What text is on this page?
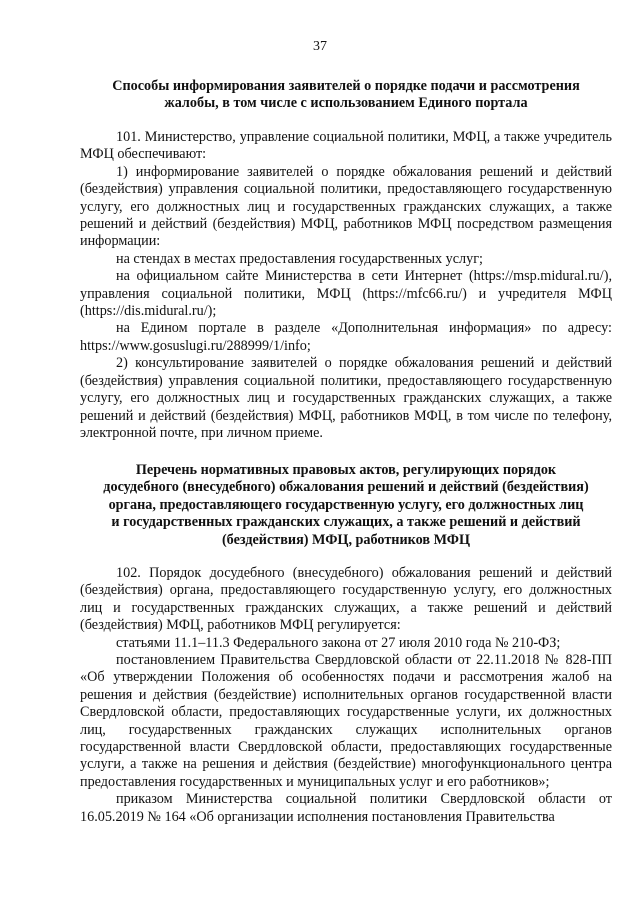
37
Способы информирования заявителей о порядке подачи и рассмотрения
жалобы, в том числе с использованием Единого портала

101. Министерство, управление социальной политики, МФЦ, а также учредитель МФЦ обеспечивают:

1) информирование заявителей о порядке обжалования решений и действий (бездействия) управления социальной политики, предоставляющего государственную услугу, его должностных лиц и государственных гражданских служащих, а также решений и действий (бездействия) МФЦ, работников МФЦ посредством размещения информации:

на стендах в местах предоставления государственных услуг;

на официальном сайте Министерства в сети Интернет (https://msp.midural.ru/), управления социальной политики, МФЦ (https://mfc66.ru/) и учредителя МФЦ (https://dis.midural.ru/);

на Едином портале в разделе «Дополнительная информация» по адресу: https://www.gosuslugi.ru/288999/1/info;

2) консультирование заявителей о порядке обжалования решений и действий (бездействия) управления социальной политики, предоставляющего государственную услугу, его должностных лиц и государственных гражданских служащих, а также решений и действий (бездействия) МФЦ, работников МФЦ, в том числе по телефону, электронной почте, при личном приеме.

Перечень нормативных правовых актов, регулирующих порядок
досудебного (внесудебного) обжалования решений и действий (бездействия)
органа, предоставляющего государственную услугу, его должностных лиц
и государственных гражданских служащих, а также решений и действий
(бездействия) МФЦ, работников МФЦ

102. Порядок досудебного (внесудебного) обжалования решений и действий (бездействия) органа, предоставляющего государственную услугу, его должностных лиц и государственных гражданских служащих, а также решений и действий (бездействия) МФЦ, работников МФЦ регулируется:

статьями 11.1–11.3 Федерального закона от 27 июля 2010 года № 210-ФЗ;

постановлением Правительства Свердловской области от 22.11.2018 № 828-ПП «Об утверждении Положения об особенностях подачи и рассмотрения жалоб на решения и действия (бездействие) исполнительных органов государственной власти Свердловской области, предоставляющих государственные услуги, их должностных лиц, государственных гражданских служащих исполнительных органов государственной власти Свердловской области, предоставляющих государственные услуги, а также на решения и действия (бездействие) многофункционального центра предоставления государственных и муниципальных услуг и его работников»;

приказом Министерства социальной политики Свердловской области от 16.05.2019 № 164 «Об организации исполнения постановления Правительства
